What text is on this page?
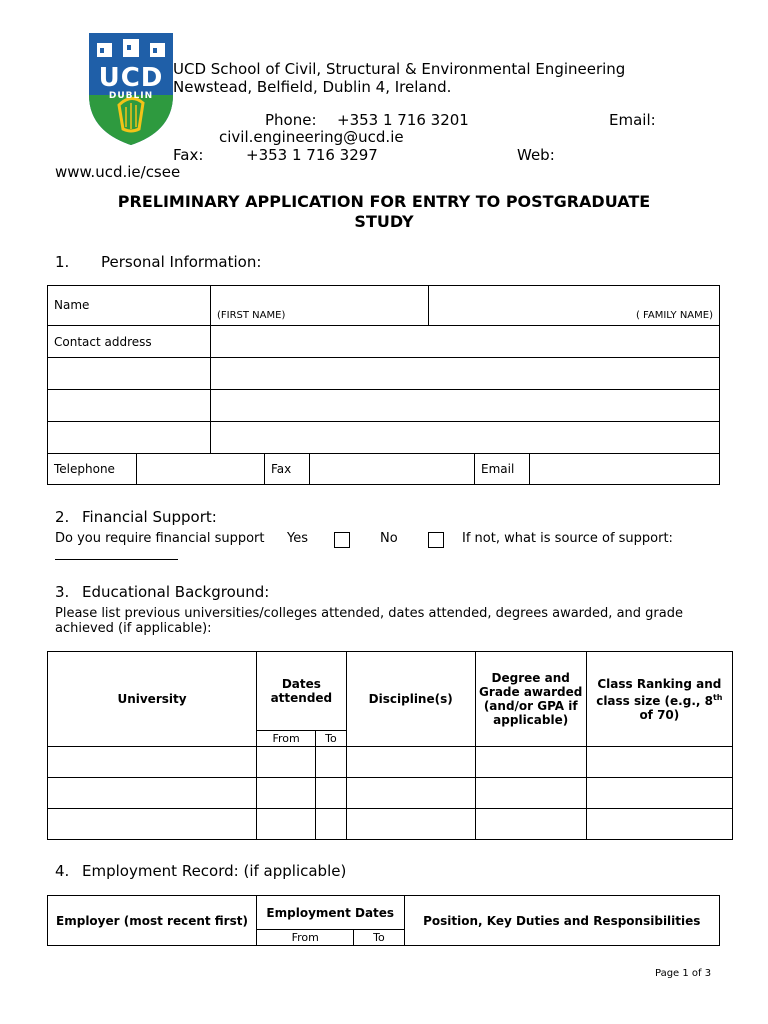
UCD
DUBLIN
UCD School of Civil, Structural & Environmental Engineering
Newstead, Belfield, Dublin 4, Ireland.
Phone: +353 1 716 3201	Email:
civil.engineering@ucd.ie
Fax:	+353 1 716 3297	Web:
www.ucd.ie/csee
PRELIMINARY APPLICATION FOR ENTRY TO POSTGRADUATE
STUDY
1. Personal Information:
Name	(FIRST NAME)	( FAMILY NAME)
Contact address		

Telephone		Fax		Email	
2. Financial Support:
Do you require financial support Yes	No	If not, what is source of support:
3. Educational Background:
Please list previous universities/colleges attended, dates attended, degrees awarded, and grade
achieved (if applicable):
University	Dates attended		Discipline(s)	Degree and Grade awarded (and/or GPA if applicable)	Class Ranking and class size (e.g., 8th of 70)
	From	To			

4. Employment Record: (if applicable)
Employer (most recent first)	Employment Dates		Position, Key Duties and Responsibilities
	From	To	
Page 1 of 3
